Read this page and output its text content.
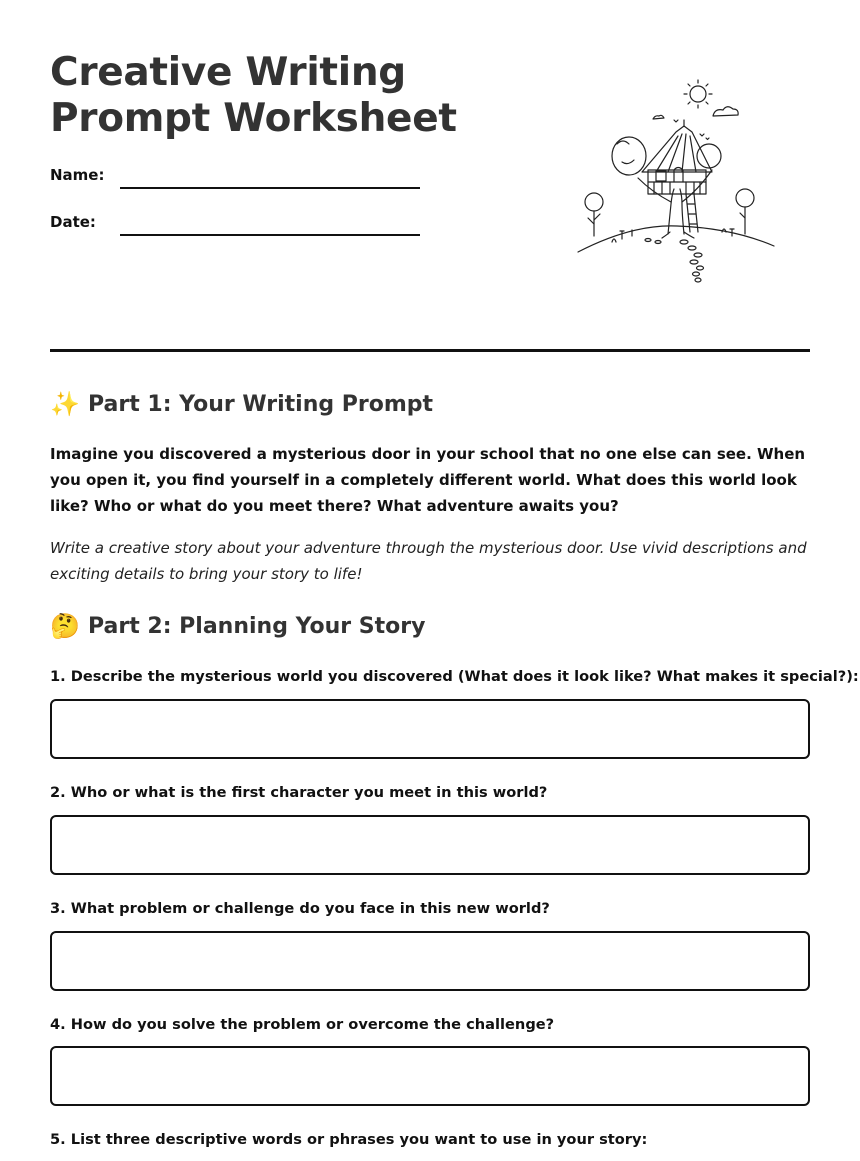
Creative Writing
Prompt Worksheet
Name:
Date:
✨ Part 1: Your Writing Prompt

Imagine you discovered a mysterious door in your school that no one else can see. When you open it, you find yourself in a completely different world. What does this world look like? Who or what do you meet there? What adventure awaits you?

Write a creative story about your adventure through the mysterious door. Use vivid descriptions and exciting details to bring your story to life!

🤔 Part 2: Planning Your Story

1. Describe the mysterious world you discovered (What does it look like? What makes it special?):

2. Who or what is the first character you meet in this world?

3. What problem or challenge do you face in this new world?

4. How do you solve the problem or overcome the challenge?

5. List three descriptive words or phrases you want to use in your story:
